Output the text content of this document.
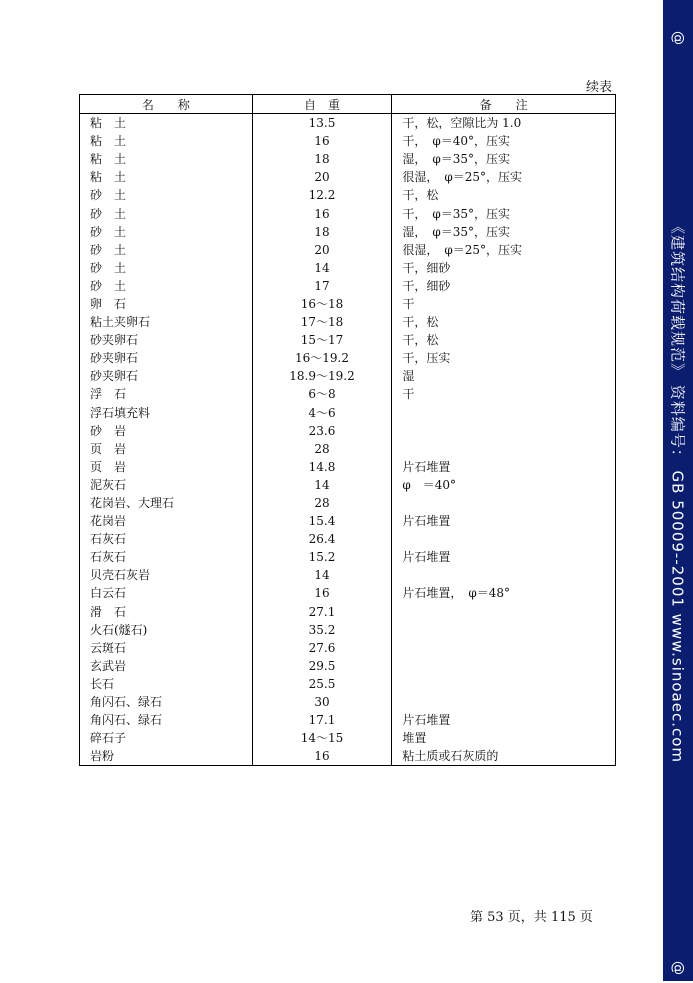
@
《建筑结构荷载规范》 资料编号： GB 50009--2001 www.sinoaec.com
@
续表
名　　称	自　重	备　　注
粘　土	13.5	干，松，空隙比为 1.0
粘　土	16	干，　φ＝40°，压实
粘　土	18	湿，　φ＝35°，压实
粘　土	20	很湿，　φ＝25°，压实
砂　土	12.2	干，松
砂　土	16	干，　φ＝35°，压实
砂　土	18	湿，　φ＝35°，压实
砂　土	20	很湿，　φ＝25°，压实
砂　土	14	干，细砂
砂　土	17	干，细砂
卵　石	16～18	干
粘土夹卵石	17～18	干，松
砂夹卵石	15～17	干，松
砂夹卵石	16～19.2	干，压实
砂夹卵石	18.9～19.2	湿
浮　石	6～8	干
浮石填充料	4～6	
砂　岩	23.6	
页　岩	28	
页　岩	14.8	片石堆置
泥灰石	14	φ　＝40°
花岗岩、大理石	28	
花岗岩	15.4	片石堆置
石灰石	26.4	
石灰石	15.2	片石堆置
贝壳石灰岩	14	
白云石	16	片石堆置，　φ＝48°
滑　石	27.1	
火石(燧石)	35.2	
云斑石	27.6	
玄武岩	29.5	
长石	25.5	
角闪石、绿石	30	
角闪石、绿石	17.1	片石堆置
碎石子	14～15	堆置
岩粉	16	粘土质或石灰质的
第 53 页，共 115 页
